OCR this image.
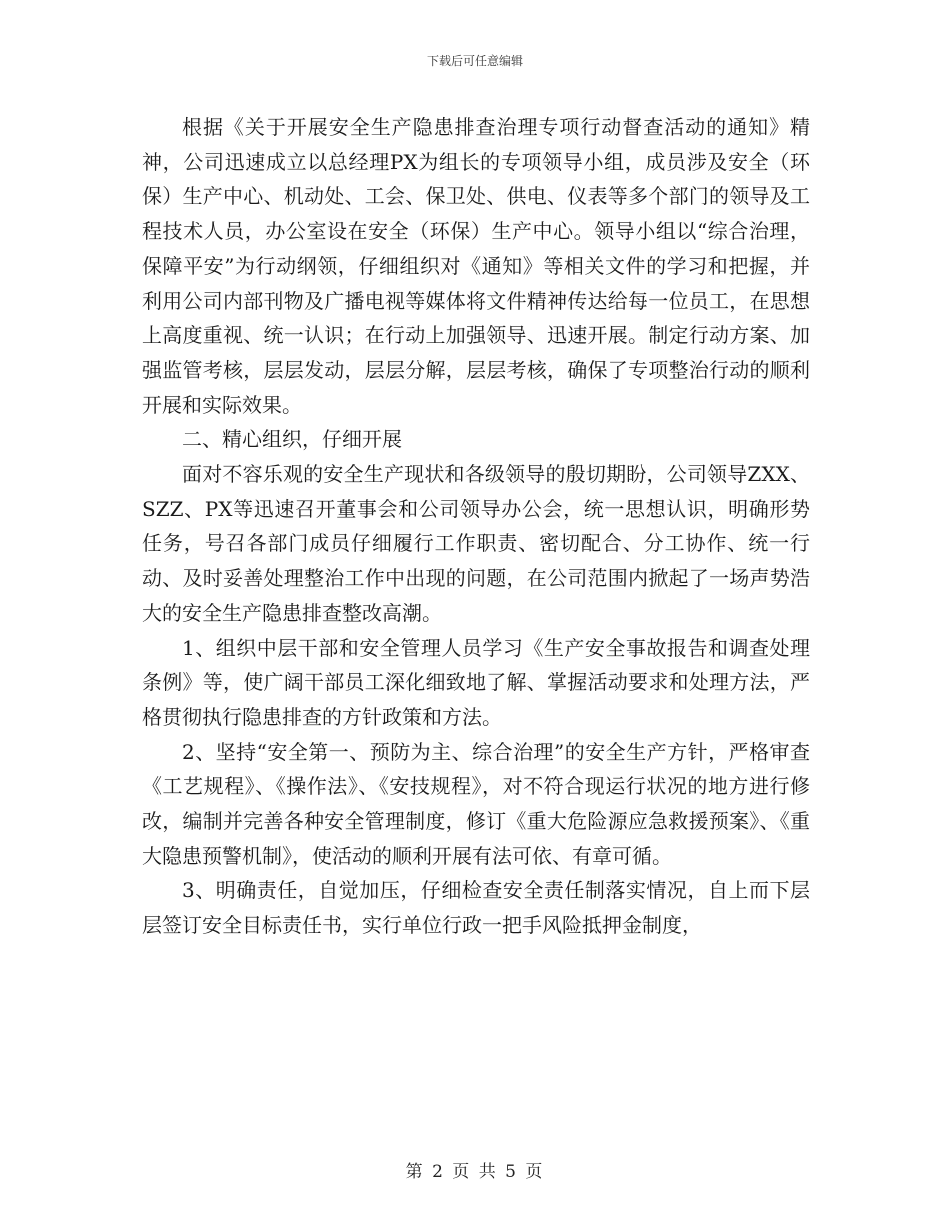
下载后可任意编辑

根据《关于开展安全生产隐患排查治理专项行动督查活动的通知》精神，公司迅速成立以总经理PX为组长的专项领导小组，成员涉及安全（环保）生产中心、机动处、工会、保卫处、供电、仪表等多个部门的领导及工程技术人员，办公室设在安全（环保）生产中心。领导小组以“综合治理，保障平安”为行动纲领，仔细组织对《通知》等相关文件的学习和把握，并利用公司内部刊物及广播电视等媒体将文件精神传达给每一位员工，在思想上高度重视、统一认识；在行动上加强领导、迅速开展。制定行动方案、加强监管考核，层层发动，层层分解，层层考核，确保了专项整治行动的顺利开展和实际效果。

二、精心组织，仔细开展

面对不容乐观的安全生产现状和各级领导的殷切期盼，公司领导ZXX、SZZ、PX等迅速召开董事会和公司领导办公会，统一思想认识，明确形势任务，号召各部门成员仔细履行工作职责、密切配合、分工协作、统一行动、及时妥善处理整治工作中出现的问题，在公司范围内掀起了一场声势浩大的安全生产隐患排查整改高潮。

1、组织中层干部和安全管理人员学习《生产安全事故报告和调查处理条例》等，使广阔干部员工深化细致地了解、掌握活动要求和处理方法，严格贯彻执行隐患排查的方针政策和方法。

2、坚持“安全第一、预防为主、综合治理”的安全生产方针，严格审查《工艺规程》、《操作法》、《安技规程》，对不符合现运行状况的地方进行修改，编制并完善各种安全管理制度，修订《重大危险源应急救援预案》、《重大隐患预警机制》，使活动的顺利开展有法可依、有章可循。

3、明确责任，自觉加压，仔细检查安全责任制落实情况，自上而下层层签订安全目标责任书，实行单位行政一把手风险抵押金制度，

第 2 页 共 5 页
